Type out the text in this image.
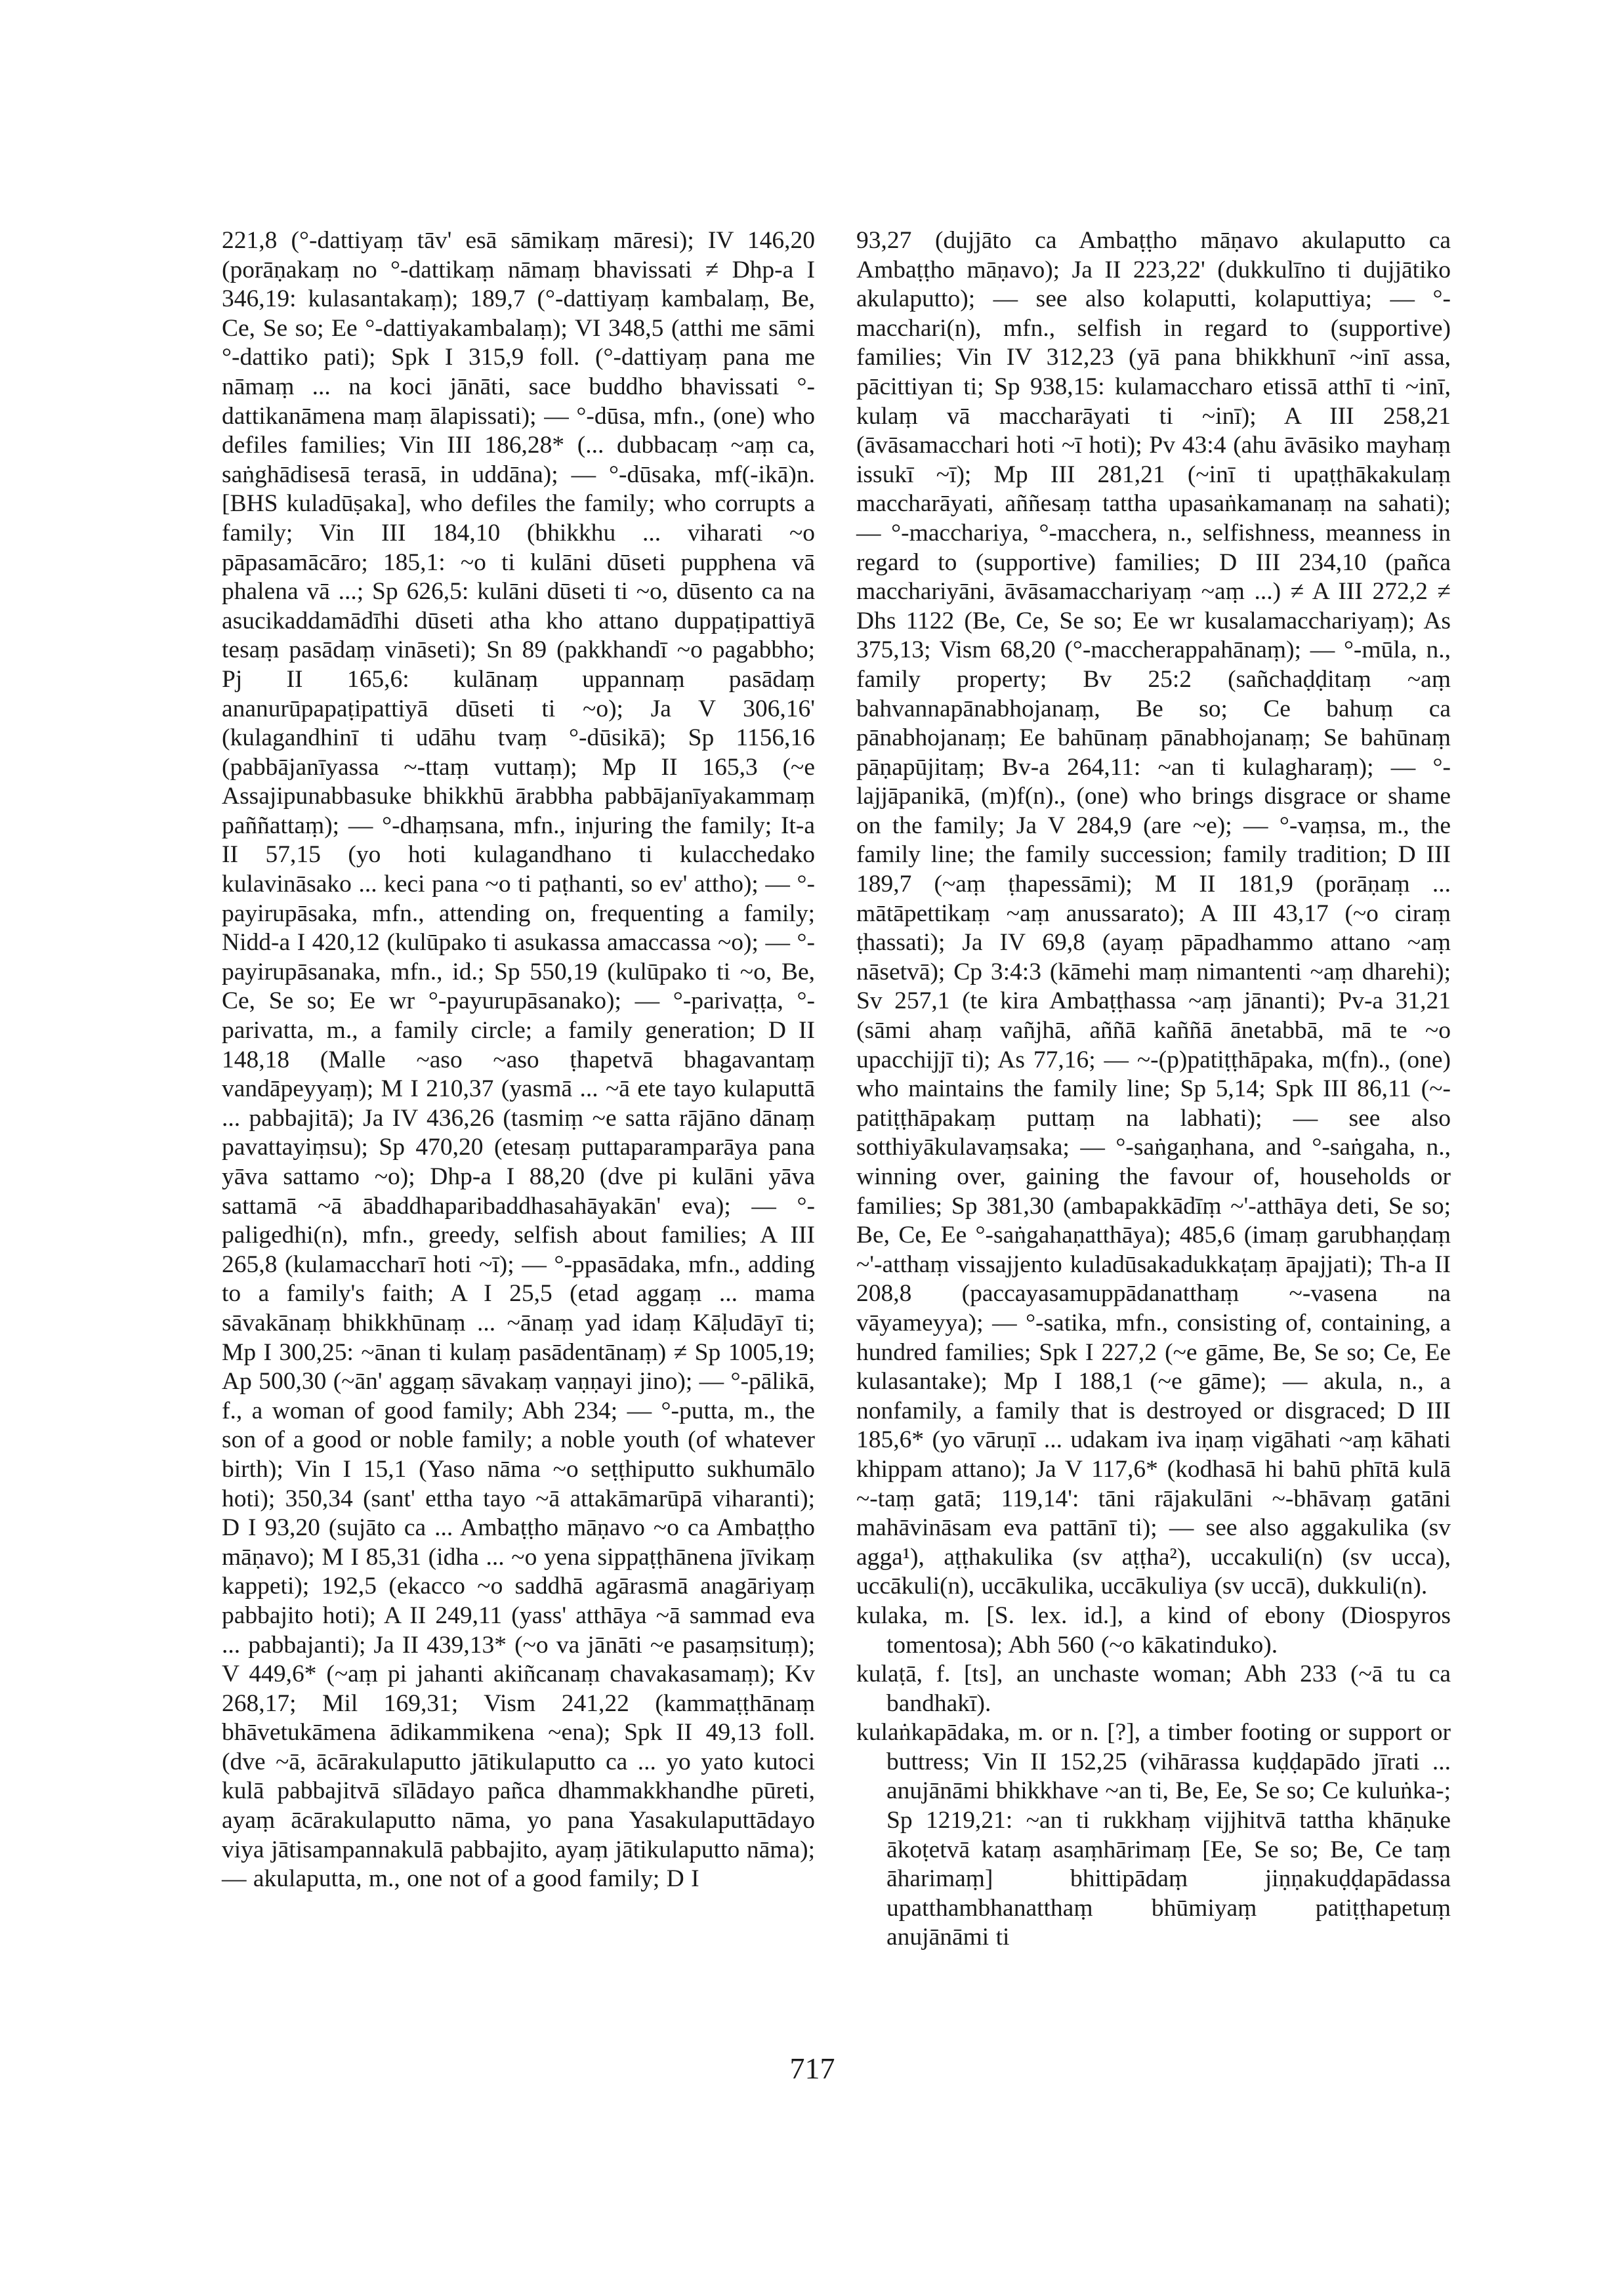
221,8 (°-dattiyaṃ tāv' esā sāmikaṃ māresi); IV 146,20 (porāṇakaṃ no °-dattikaṃ nāmaṃ bhavissati ≠ Dhp-a I 346,19: kulasantakaṃ); 189,7 (°-dattiyaṃ kambalaṃ, Be, Ce, Se so; Ee °-dattiyakambalaṃ); VI 348,5 (atthi me sāmi °-dattiko pati); Spk I 315,9 foll. (°-dattiyaṃ pana me nāmaṃ ... na koci jānāti, sace buddho bhavissati °-dattikanāmena maṃ ālapissati); — °-dūsa, mfn., (one) who defiles families; Vin III 186,28* (... dubbacaṃ ~aṃ ca, saṅghādisesā terasā, in uddāna); — °-dūsaka, mf(-ikā)n. [BHS kuladūṣaka], who defiles the family; who corrupts a family; Vin III 184,10 (bhikkhu ... viharati ~o pāpasamācāro; 185,1: ~o ti kulāni dūseti pupphena vā phalena vā ...; Sp 626,5: kulāni dūseti ti ~o, dūsento ca na asucikaddamādīhi dūseti atha kho attano duppaṭipattiyā tesaṃ pasādaṃ vināseti); Sn 89 (pakkhandī ~o pagabbho; Pj II 165,6: kulānaṃ uppannaṃ pasādaṃ ananurūpapaṭipattiyā dūseti ti ~o); Ja V 306,16' (kulagandhinī ti udāhu tvaṃ °-dūsikā); Sp 1156,16 (pabbājanīyassa ~-ttaṃ vuttaṃ); Mp II 165,3 (~e Assajipunabbasuke bhikkhū ārabbha pabbājanīyakammaṃ paññattaṃ); — °-dhaṃsana, mfn., injuring the family; It-a II 57,15 (yo hoti kulagandhano ti kulacchedako kulavināsako ... keci pana ~o ti paṭhanti, so ev' attho); — °-payirupāsaka, mfn., attending on, frequenting a family; Nidd-a I 420,12 (kulūpako ti asukassa amaccassa ~o); — °-payirupāsanaka, mfn., id.; Sp 550,19 (kulūpako ti ~o, Be, Ce, Se so; Ee wr °-payurupāsanako); — °-parivaṭṭa, °-parivatta, m., a family circle; a family generation; D II 148,18 (Malle ~aso ~aso ṭhapetvā bhagavantaṃ vandāpeyyaṃ); M I 210,37 (yasmā ... ~ā ete tayo kulaputtā ... pabbajitā); Ja IV 436,26 (tasmiṃ ~e satta rājāno dānaṃ pavattayiṃsu); Sp 470,20 (etesaṃ puttaparamparāya pana yāva sattamo ~o); Dhp-a I 88,20 (dve pi kulāni yāva sattamā ~ā ābaddhaparibaddhasahāyakān' eva); — °-paligedhi(n), mfn., greedy, selfish about families; A III 265,8 (kulamaccharī hoti ~ī); — °-ppasādaka, mfn., adding to a family's faith; A I 25,5 (etad aggaṃ ... mama sāvakānaṃ bhikkhūnaṃ ... ~ānaṃ yad idaṃ Kāḷudāyī ti; Mp I 300,25: ~ānan ti kulaṃ pasādentānaṃ) ≠ Sp 1005,19; Ap 500,30 (~ān' aggaṃ sāvakaṃ vaṇṇayi jino); — °-pālikā, f., a woman of good family; Abh 234; — °-putta, m., the son of a good or noble family; a noble youth (of whatever birth); Vin I 15,1 (Yaso nāma ~o seṭṭhiputto sukhumālo hoti); 350,34 (sant' ettha tayo ~ā attakāmarūpā viharanti); D I 93,20 (sujāto ca ... Ambaṭṭho māṇavo ~o ca Ambaṭṭho māṇavo); M I 85,31 (idha ... ~o yena sippaṭṭhānena jīvikaṃ kappeti); 192,5 (ekacco ~o saddhā agārasmā anagāriyaṃ pabbajito hoti); A II 249,11 (yass' atthāya ~ā sammad eva ... pabbajanti); Ja II 439,13* (~o va jānāti ~e pasaṃsituṃ); V 449,6* (~aṃ pi jahanti akiñcanaṃ chavakasamaṃ); Kv 268,17; Mil 169,31; Vism 241,22 (kammaṭṭhānaṃ bhāvetukāmena ādikammikena ~ena); Spk II 49,13 foll. (dve ~ā, ācārakulaputto jātikulaputto ca ... yo yato kutoci kulā pabbajitvā sīlādayo pañca dhammakkhandhe pūreti, ayaṃ ācārakulaputto nāma, yo pana Yasakulaputtādayo viya jātisampannakulā pabbajito, ayaṃ jātikulaputto nāma); — akulaputta, m., one not of a good family; D I

93,27 (dujjāto ca Ambaṭṭho māṇavo akulaputto ca Ambaṭṭho māṇavo); Ja II 223,22' (dukkulīno ti dujjātiko akulaputto); — see also kolaputti, kolaputtiya; — °-macchari(n), mfn., selfish in regard to (supportive) families; Vin IV 312,23 (yā pana bhikkhunī ~inī assa, pācittiyan ti; Sp 938,15: kulamaccharo etissā atthī ti ~inī, kulaṃ vā maccharāyati ti ~inī); A III 258,21 (āvāsamacchari hoti ~ī hoti); Pv 43:4 (ahu āvāsiko mayhaṃ issukī ~ī); Mp III 281,21 (~inī ti upaṭṭhākakulaṃ maccharāyati, aññesaṃ tattha upasaṅkamanaṃ na sahati); — °-macchariya, °-macchera, n., selfishness, meanness in regard to (supportive) families; D III 234,10 (pañca macchariyāni, āvāsamacchariyaṃ ~aṃ ...) ≠ A III 272,2 ≠ Dhs 1122 (Be, Ce, Se so; Ee wr kusalamacchariyaṃ); As 375,13; Vism 68,20 (°-maccherappahānaṃ); — °-mūla, n., family property; Bv 25:2 (sañchaḍḍitaṃ ~aṃ bahvannapānabhojanaṃ, Be so; Ce bahuṃ ca pānabhojanaṃ; Ee bahūnaṃ pānabhojanaṃ; Se bahūnaṃ pāṇapūjitaṃ; Bv-a 264,11: ~an ti kulagharaṃ); — °-lajjāpanikā, (m)f(n)., (one) who brings disgrace or shame on the family; Ja V 284,9 (are ~e); — °-vaṃsa, m., the family line; the family succession; family tradition; D III 189,7 (~aṃ ṭhapessāmi); M II 181,9 (porāṇaṃ ... mātāpettikaṃ ~aṃ anussarato); A III 43,17 (~o ciraṃ ṭhassati); Ja IV 69,8 (ayaṃ pāpadhammo attano ~aṃ nāsetvā); Cp 3:4:3 (kāmehi maṃ nimantenti ~aṃ dharehi); Sv 257,1 (te kira Ambaṭṭhassa ~aṃ jānanti); Pv-a 31,21 (sāmi ahaṃ vañjhā, aññā kaññā ānetabbā, mā te ~o upacchijjī ti); As 77,16; — ~-(p)patiṭṭhāpaka, m(fn)., (one) who maintains the family line; Sp 5,14; Spk III 86,11 (~-patiṭṭhāpakaṃ puttaṃ na labhati); — see also sotthiyākulavaṃsaka; — °-saṅgaṇhana, and °-saṅgaha, n., winning over, gaining the favour of, households or families; Sp 381,30 (ambapakkādīṃ ~'-atthāya deti, Se so; Be, Ce, Ee °-saṅgahaṇatthāya); 485,6 (imaṃ garubhaṇḍaṃ ~'-atthaṃ vissajjento kuladūsakadukkaṭaṃ āpajjati); Th-a II 208,8 (paccayasamuppādanatthaṃ ~-vasena na vāyameyya); — °-satika, mfn., consisting of, containing, a hundred families; Spk I 227,2 (~e gāme, Be, Se so; Ce, Ee kulasantake); Mp I 188,1 (~e gāme); — akula, n., a nonfamily, a family that is destroyed or disgraced; D III 185,6* (yo vāruṇī ... udakam iva iṇaṃ vigāhati ~aṃ kāhati khippam attano); Ja V 117,6* (kodhasā hi bahū phītā kulā ~-taṃ gatā; 119,14': tāni rājakulāni ~-bhāvaṃ gatāni mahāvināsam eva pattānī ti); — see also aggakulika (sv agga¹), aṭṭhakulika (sv aṭṭha²), uccakuli(n) (sv ucca), uccākuli(n), uccākulika, uccākuliya (sv uccā), dukkuli(n).

kulaka, m. [S. lex. id.], a kind of ebony (Diospyros tomentosa); Abh 560 (~o kākatinduko).

kulaṭā, f. [ts], an unchaste woman; Abh 233 (~ā tu ca bandhakī).

kulaṅkapādaka, m. or n. [?], a timber footing or support or buttress; Vin II 152,25 (vihārassa kuḍḍapādo jīrati ... anujānāmi bhikkhave ~an ti, Be, Ee, Se so; Ce kuluṅka-; Sp 1219,21: ~an ti rukkhaṃ vijjhitvā tattha khāṇuke ākoṭetvā kataṃ asaṃhārimaṃ [Ee, Se so; Be, Ce taṃ āharimaṃ] bhittipādaṃ jiṇṇakuḍḍapādassa upatthambhanatthaṃ bhūmiyaṃ patiṭṭhapetuṃ anujānāmi ti

717
